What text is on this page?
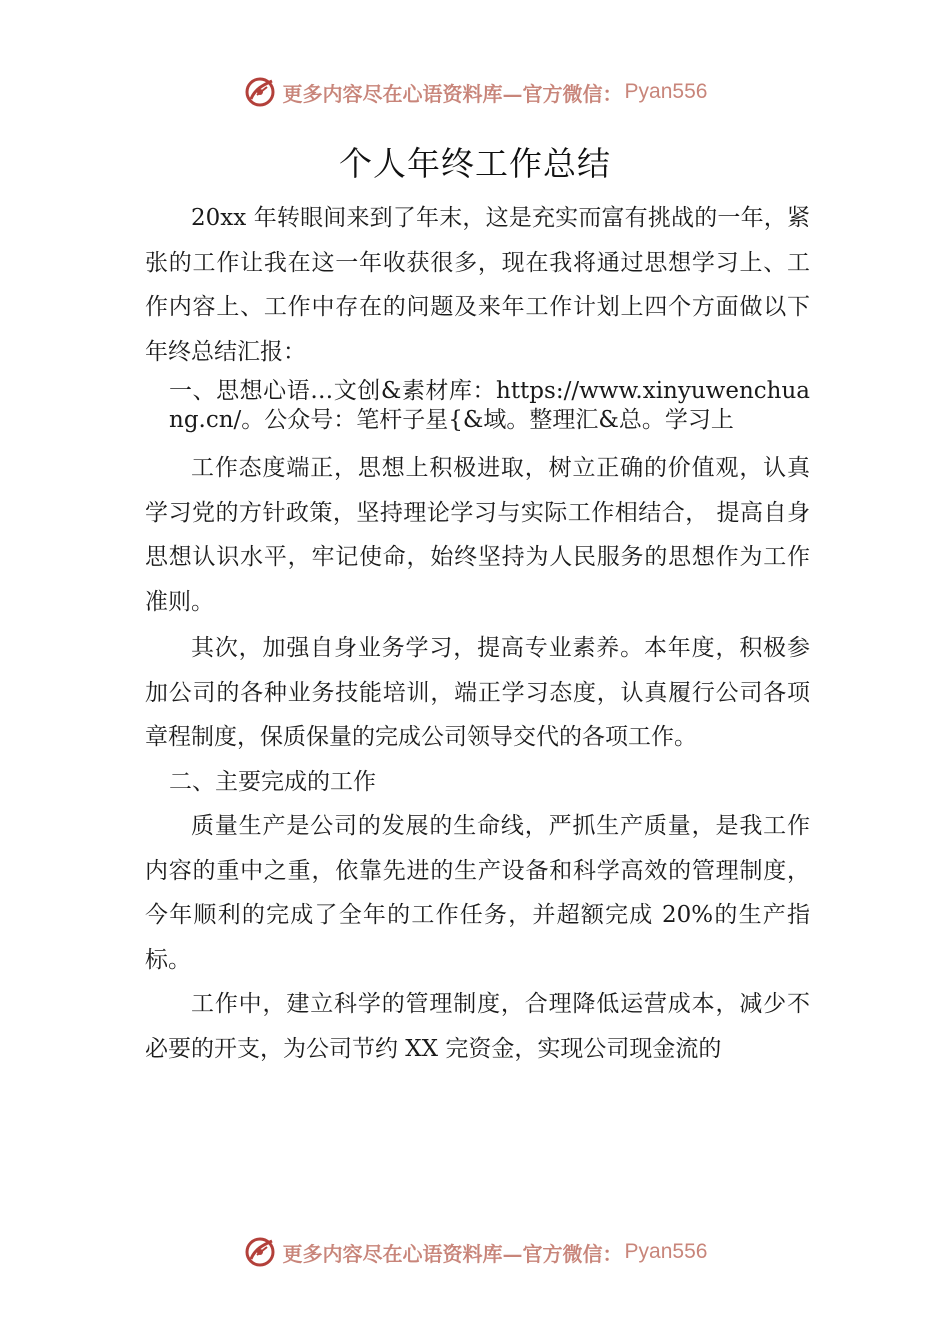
更多内容尽在心语资料库—官方微信： Pyan556
个人年终工作总结

20xx 年转眼间来到了年末，这是充实而富有挑战的一年，紧张的工作让我在这一年收获很多，现在我将通过思想学习上、工作内容上、工作中存在的问题及来年工作计划上四个方面做以下年终总结汇报：

一、思想心语…文创&素材库：https://www.xinyuwenchuang.cn/。公众号：笔杆子星{&域。整理汇&总。学习上

工作态度端正，思想上积极进取，树立正确的价值观，认真学习党的方针政策，坚持理论学习与实际工作相结合， 提高自身思想认识水平，牢记使命，始终坚持为人民服务的思想作为工作准则。

其次，加强自身业务学习，提高专业素养。本年度，积极参加公司的各种业务技能培训，端正学习态度，认真履行公司各项章程制度，保质保量的完成公司领导交代的各项工作。

二、主要完成的工作

质量生产是公司的发展的生命线，严抓生产质量，是我工作内容的重中之重，依靠先进的生产设备和科学高效的管理制度，今年顺利的完成了全年的工作任务，并超额完成 20%的生产指标。

工作中，建立科学的管理制度，合理降低运营成本，减少不必要的开支，为公司节约 XX 完资金，实现公司现金流的

更多内容尽在心语资料库—官方微信： Pyan556
